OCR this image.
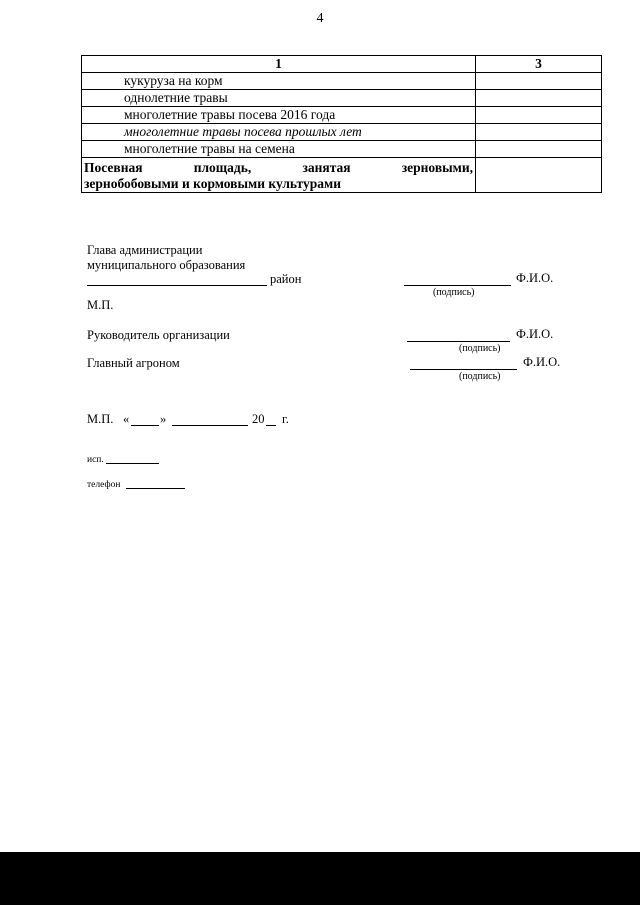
4
1	3
кукуруза на корм	
однолетние травы	
многолетние травы посева 2016 года	
многолетние травы посева прошлых лет	
многолетние травы на семена	

Посевная площадь, занятая зерновыми,
зернобобовыми и кормовыми культурами	

Глава администрации
муниципального образования
район	Ф.И.О.
(подпись)
М.П.
Руководитель организации	Ф.И.О.
(подпись)
Главный агроном	Ф.И.О.
(подпись)
М.П. « »	20 г.
исп.
телефон
